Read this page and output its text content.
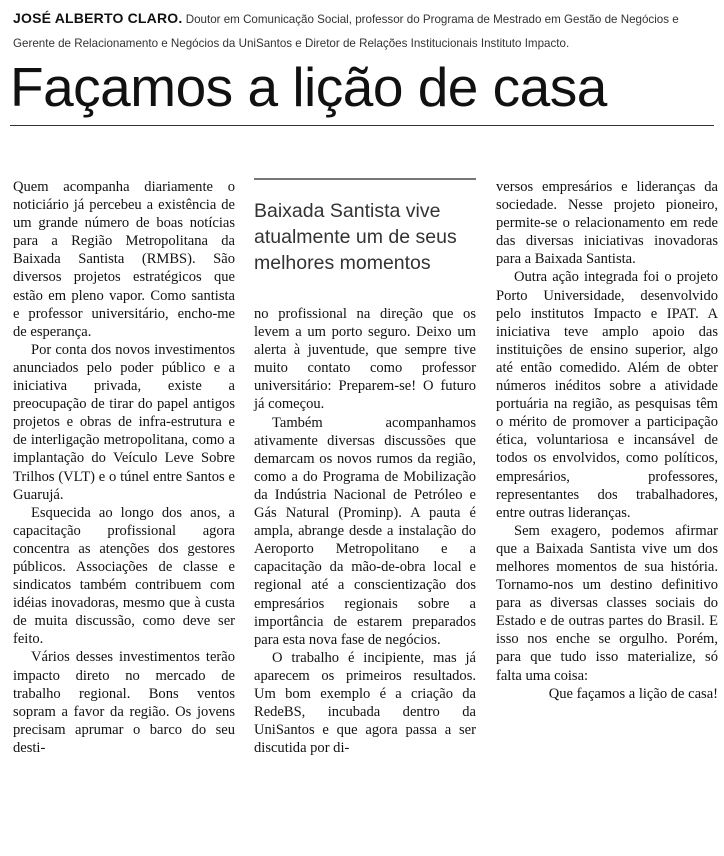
JOSÉ ALBERTO CLARO. Doutor em Comunicação Social, professor do Programa de Mestrado em Gestão de Negócios e Gerente de Relacionamento e Negócios da UniSantos e Diretor de Relações Institucionais Instituto Impacto.
Façamos a lição de casa

Quem acompanha diariamente o noticiário já percebeu a existência de um grande número de boas notícias para a Região Metropolitana da Baixada Santista (RMBS). São diversos projetos estratégicos que estão em pleno vapor. Como santista e professor universitário, encho-me de esperança.

Por conta dos novos investimentos anunciados pelo poder público e a iniciativa privada, existe a preocupação de tirar do papel antigos projetos e obras de infra-estrutura e de interligação metropolitana, como a implantação do Veículo Leve Sobre Trilhos (VLT) e o túnel entre Santos e Guarujá.

Esquecida ao longo dos anos, a capacitação profissional agora concentra as atenções dos gestores públicos. Associações de classe e sindicatos também contribuem com idéias inovadoras, mesmo que à custa de muita discussão, como deve ser feito.

Vários desses investimentos terão impacto direto no mercado de trabalho regional. Bons ventos sopram a favor da região. Os jovens precisam aprumar o barco do seu desti-

Baixada Santista vive atualmente um de seus melhores momentos

no profissional na direção que os levem a um porto seguro. Deixo um alerta à juventude, que sempre tive muito contato como professor universitário: Preparem-se! O futuro já começou.

Também acompanhamos ativamente diversas discussões que demarcam os novos rumos da região, como a do Programa de Mobilização da Indústria Nacional de Petróleo e Gás Natural (Prominp). A pauta é ampla, abrange desde a instalação do Aeroporto Metropolitano e a capacitação da mão-de-obra local e regional até a conscientização dos empresários regionais sobre a importância de estarem preparados para esta nova fase de negócios.

O trabalho é incipiente, mas já aparecem os primeiros resultados. Um bom exemplo é a criação da RedeBS, incubada dentro da UniSantos e que agora passa a ser discutida por di-

versos empresários e lideranças da sociedade. Nesse projeto pioneiro, permite-se o relacionamento em rede das diversas iniciativas inovadoras para a Baixada Santista.

Outra ação integrada foi o projeto Porto Universidade, desenvolvido pelo institutos Impacto e IPAT. A iniciativa teve amplo apoio das instituições de ensino superior, algo até então comedido. Além de obter números inéditos sobre a atividade portuária na região, as pesquisas têm o mérito de promover a participação ética, voluntariosa e incansável de todos os envolvidos, como políticos, empresários, professores, representantes dos trabalhadores, entre outras lideranças.

Sem exagero, podemos afirmar que a Baixada Santista vive um dos melhores momentos de sua história. Tornamo-nos um destino definitivo para as diversas classes sociais do Estado e de outras partes do Brasil. E isso nos enche se orgulho. Porém, para que tudo isso materialize, só falta uma coisa:

Que façamos a lição de casa!
